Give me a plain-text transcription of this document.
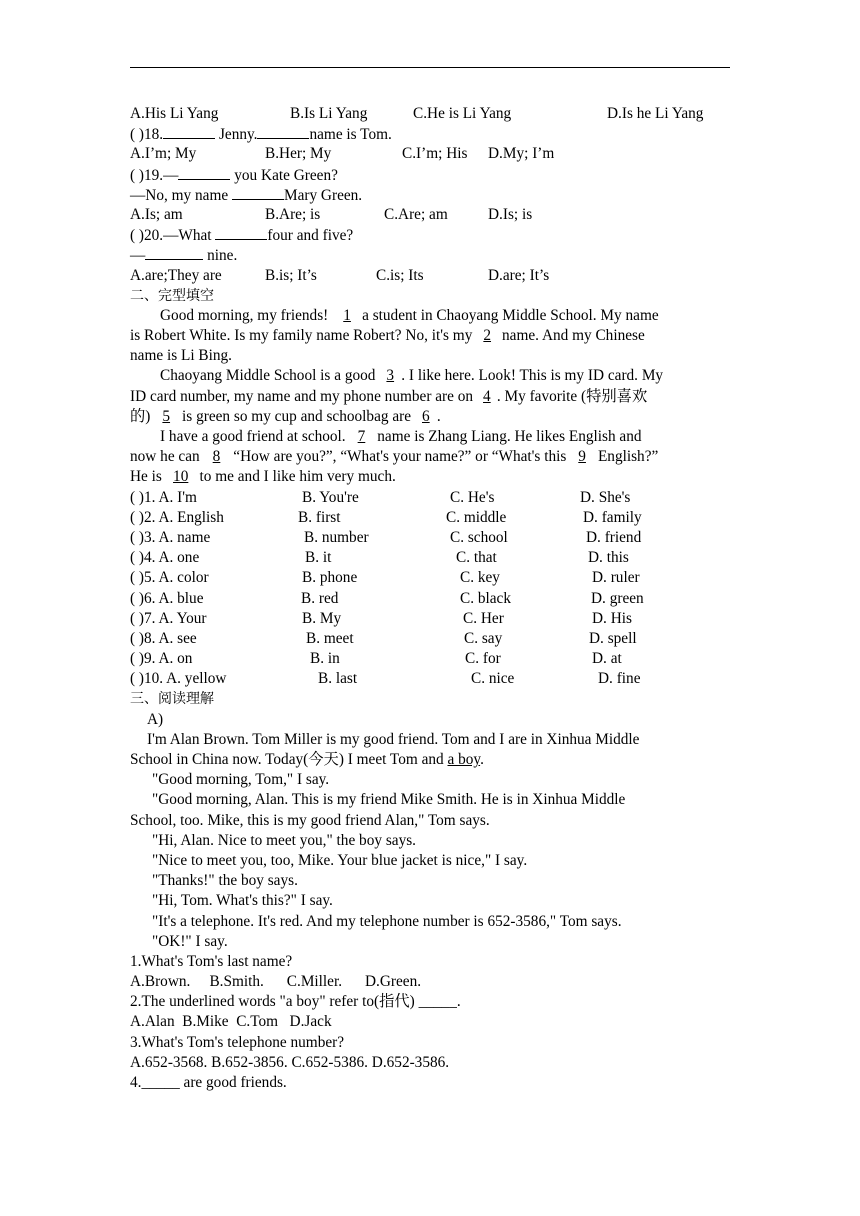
A.His Li Yang	B.Is Li Yang	C.He is Li Yang	D.Is he Li Yang
( )18.	Jenny.	name is Tom.
A.I’m; My	B.Her; My	C.I’m; His D.My; I’m
( )19.—	you Kate Green?
—No, my name	Mary Green.
A.Is; am	B.Are; is	C.Are; am	D.Is; is
( )20.—What	four and five?
—	nine.
A.are;They are	B.is; It’s	C.is; Its	D.are; It’s
二、完型填空
Good morning, my friends! 1 a student in Chaoyang Middle School. My name
is Robert White. Is my family name Robert? No, it's my 2 name. And my Chinese
name is Li Bing.
Chaoyang Middle School is a good 3 . I like here. Look! This is my ID card. My
ID card number, my name and my phone number are on 4 . My favorite (特别喜欢
的) 5 is green so my cup and schoolbag are 6 .
I have a good friend at school. 7 name is Zhang Liang. He likes English and
now he can 8 “How are you?”, “What's your name?” or “What's this 9 English?”
He is 10 to me and I like him very much.
( )1. A. I'm	B. You're	C. He's	D. She's
( )2. A. English	B. first	C. middle	D. family
( )3. A. name	B. number	C. school	D. friend
( )4. A. one	B. it	C. that	D. this
( )5. A. color	B. phone	C. key	D. ruler
( )6. A. blue	B. red	C. black	D. green
( )7. A. Your	B. My	C. Her	D. His
( )8. A. see	B. meet	C. say	D. spell
( )9. A. on	B. in	C. for	D. at
( )10. A. yellow	B. last	C. nice	D. fine
三、阅读理解
A)
I'm Alan Brown. Tom Miller is my good friend. Tom and I are in Xinhua Middle
School in China now. Today(今天) I meet Tom and a boy.
"Good morning, Tom," I say.
"Good morning, Alan. This is my friend Mike Smith. He is in Xinhua Middle
School, too. Mike, this is my good friend Alan," Tom says.
"Hi, Alan. Nice to meet you," the boy says.
"Nice to meet you, too, Mike. Your blue jacket is nice," I say.
"Thanks!" the boy says.
"Hi, Tom. What's this?" I say.
"It's a telephone. It's red. And my telephone number is 652-3586," Tom says.
"OK!" I say.
1.What's Tom's last name?
A.Brown.     B.Smith.      C.Miller.      D.Green.
2.The underlined words "a boy" refer to(指代) _____.
A.Alan  B.Mike  C.Tom   D.Jack
3.What's Tom's telephone number?
A.652-3568. B.652-3856. C.652-5386. D.652-3586.
4._____ are good friends.
